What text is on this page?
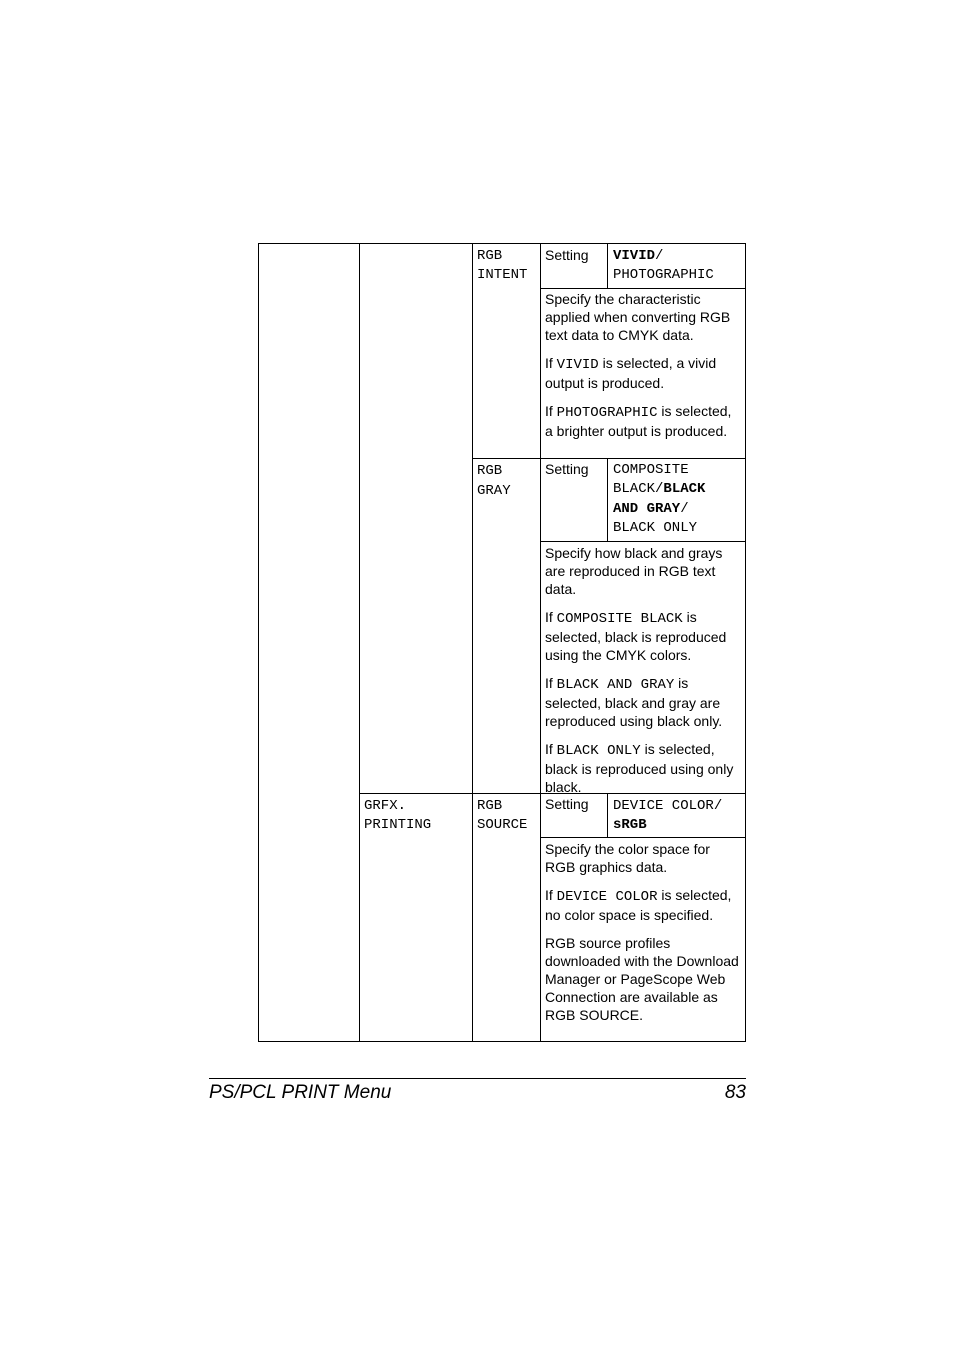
RGB
INTENT
Setting VIVID/
PHOTOGRAPHIC

Specify the characteristic applied when converting RGB text data to CMYK data.

If VIVID is selected, a vivid output is produced.

If PHOTOGRAPHIC is selected, a brighter output is produced.

RGB
GRAY
Setting COMPOSITE
BLACK/BLACK
AND GRAY/
BLACK ONLY

Specify how black and grays are reproduced in RGB text data.

If COMPOSITE BLACK is selected, black is reproduced using the CMYK colors.

If BLACK AND GRAY is selected, black and gray are reproduced using black only.

If BLACK ONLY is selected, black is reproduced using only black.

GRFX.
PRINTING
RGB
SOURCE
Setting DEVICE COLOR/
sRGB

Specify the color space for RGB graphics data.

If DEVICE COLOR is selected, no color space is specified.

RGB source profiles downloaded with the Download Manager or PageScope Web Connection are available as RGB SOURCE.

PS/PCL PRINT Menu	83
